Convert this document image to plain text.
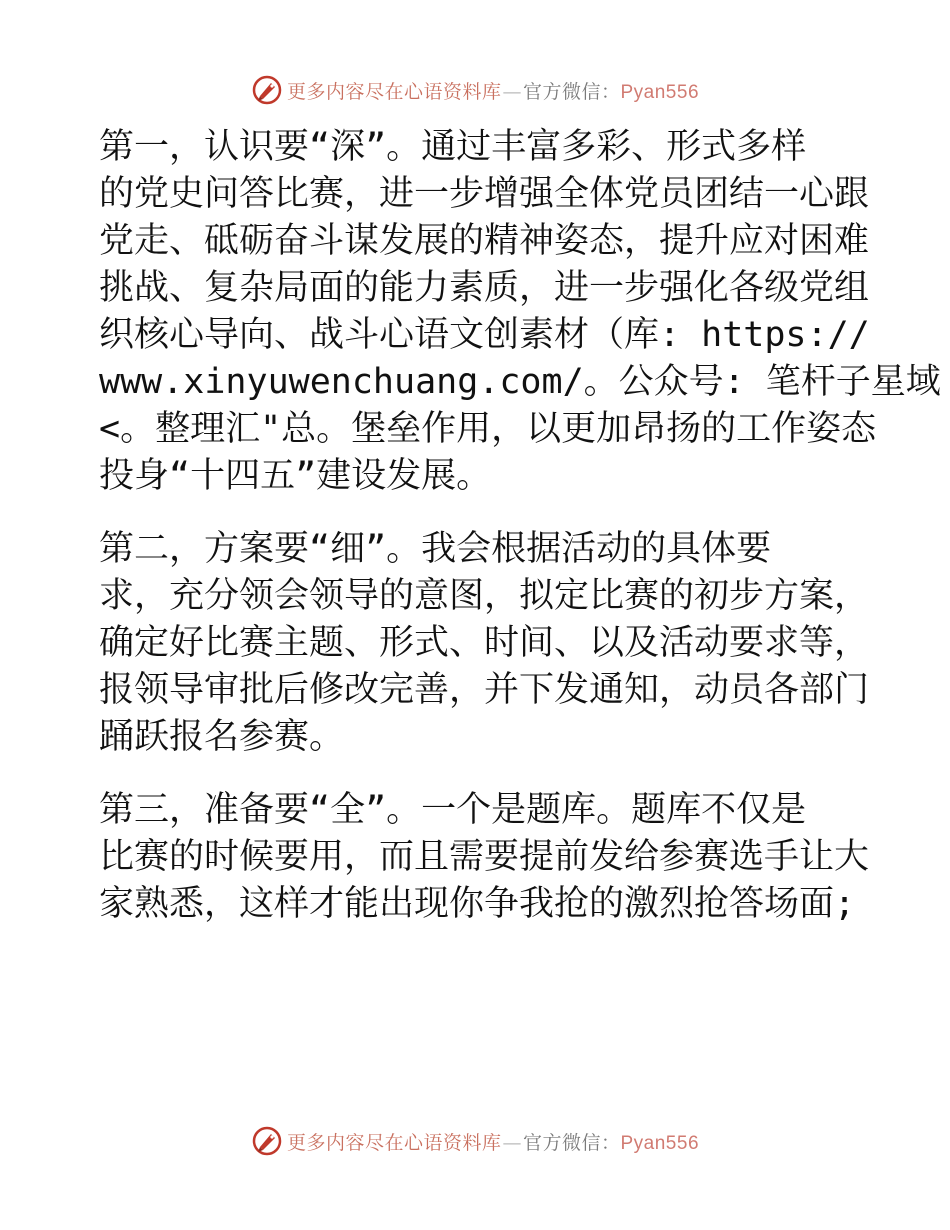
更多内容尽在心语资料库—官方微信：Pyan556

第一，认识要“深”。通过丰富多彩、形式多样
的党史问答比赛，进一步增强全体党员团结一心跟
党走、砥砺奋斗谋发展的精神姿态，提升应对困难
挑战、复杂局面的能力素质，进一步强化各级党组
织核心导向、战斗心语文创素材（库: https://
www.xinyuwenchuang.com/。公众号: 笔杆子星域
<。整理汇"总。堡垒作用，以更加昂扬的工作姿态
投身“十四五”建设发展。

第二，方案要“细”。我会根据活动的具体要
求，充分领会领导的意图，拟定比赛的初步方案，
确定好比赛主题、形式、时间、以及活动要求等，
报领导审批后修改完善，并下发通知，动员各部门
踊跃报名参赛。

第三，准备要“全”。一个是题库。题库不仅是
比赛的时候要用，而且需要提前发给参赛选手让大
家熟悉，这样才能出现你争我抢的激烈抢答场面;

更多内容尽在心语资料库—官方微信：Pyan556
